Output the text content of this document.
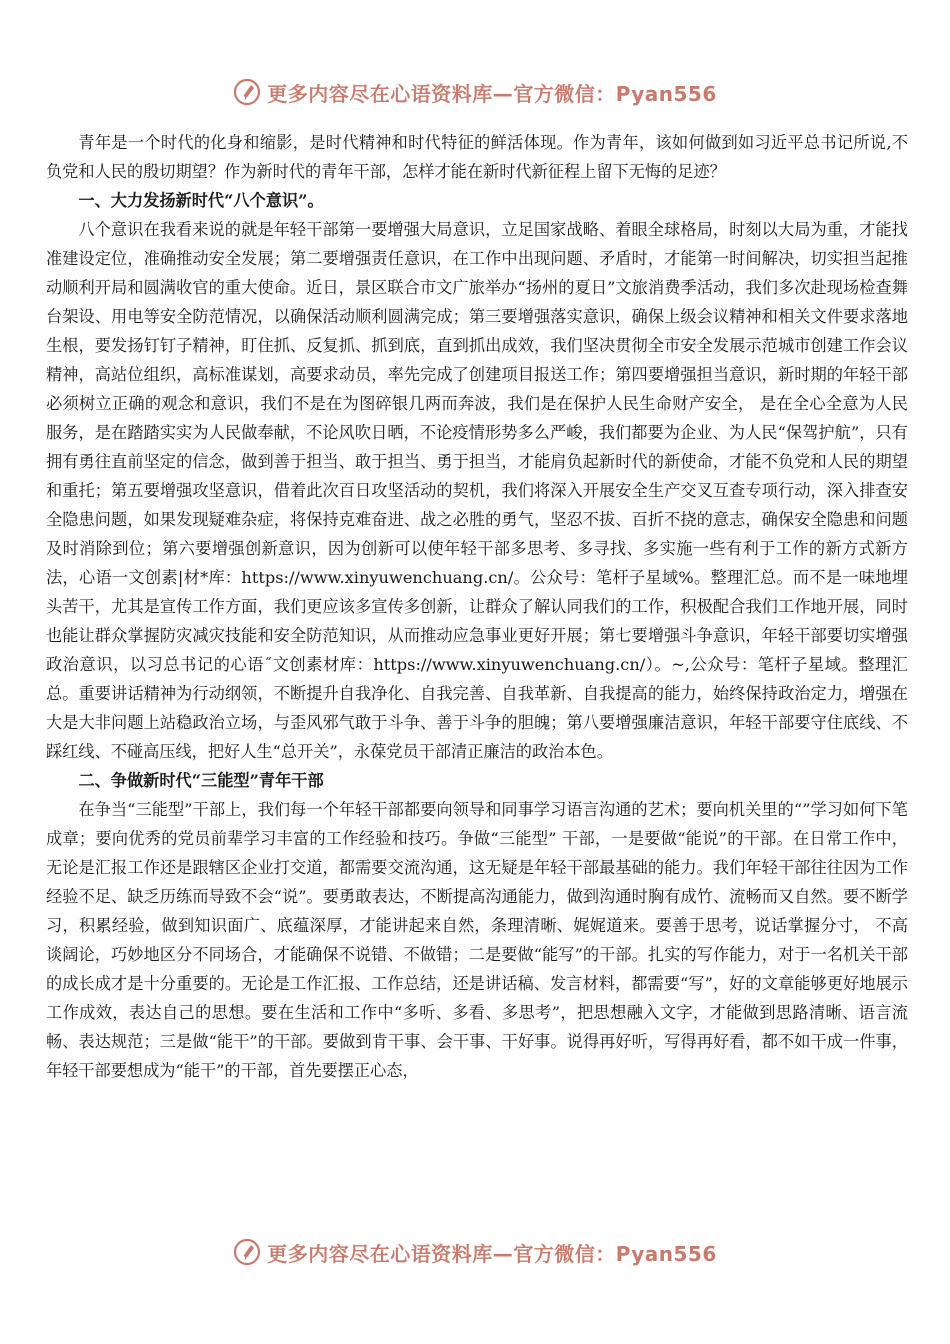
更多内容尽在心语资料库—官方微信：Pyan556

青年是一个时代的化身和缩影，是时代精神和时代特征的鲜活体现。作为青年，该如何做到如习近平总书记所说,不负党和人民的殷切期望？作为新时代的青年干部，怎样才能在新时代新征程上留下无悔的足迹？

一、大力发扬新时代“八个意识”。

八个意识在我看来说的就是年轻干部第一要增强大局意识，立足国家战略、着眼全球格局，时刻以大局为重，才能找准建设定位，准确推动安全发展；第二要增强责任意识，在工作中出现问题、矛盾时，才能第一时间解决，切实担当起推动顺利开局和圆满收官的重大使命。近日，景区联合市文广旅举办“扬州的夏日”文旅消费季活动，我们多次赴现场检查舞台架设、用电等安全防范情况，以确保活动顺利圆满完成；第三要增强落实意识，确保上级会议精神和相关文件要求落地生根，要发扬钉钉子精神，盯住抓、反复抓、抓到底，直到抓出成效，我们坚决贯彻全市安全发展示范城市创建工作会议精神，高站位组织，高标准谋划，高要求动员，率先完成了创建项目报送工作；第四要增强担当意识，新时期的年轻干部必须树立正确的观念和意识，我们不是在为图碎银几两而奔波，我们是在保护人民生命财产安全， 是在全心全意为人民服务，是在踏踏实实为人民做奉献，不论风吹日晒，不论疫情形势多么严峻，我们都要为企业、为人民“保驾护航”，只有拥有勇往直前坚定的信念，做到善于担当、敢于担当、勇于担当，才能肩负起新时代的新使命，才能不负党和人民的期望和重托；第五要增强攻坚意识，借着此次百日攻坚活动的契机，我们将深入开展安全生产交叉互查专项行动，深入排查安全隐患问题，如果发现疑难杂症，将保持克难奋进、战之必胜的勇气，坚忍不拔、百折不挠的意志，确保安全隐患和问题及时消除到位；第六要增强创新意识，因为创新可以使年轻干部多思考、多寻找、多实施一些有利于工作的新方式新方法，心语一文创素|材*库：https://www.xinyuwenchuang.cn/。公众号：笔杆子星域%。整理汇总。而不是一味地埋头苦干，尤其是宣传工作方面，我们更应该多宣传多创新，让群众了解认同我们的工作，积极配合我们工作地开展，同时也能让群众掌握防灾减灾技能和安全防范知识，从而推动应急事业更好开展；第七要增强斗争意识，年轻干部要切实增强政治意识，以习总书记的心语˝文创素材库：https://www.xinyuwenchuang.cn/）。~,公众号：笔杆子星域。整理汇总。重要讲话精神为行动纲领，不断提升自我净化、自我完善、自我革新、自我提高的能力，始终保持政治定力，增强在大是大非问题上站稳政治立场，与歪风邪气敢于斗争、善于斗争的胆魄；第八要增强廉洁意识，年轻干部要守住底线、不踩红线、不碰高压线，把好人生“总开关”，永葆党员干部清正廉洁的政治本色。

二、争做新时代“三能型”青年干部

在争当“三能型”干部上，我们每一个年轻干部都要向领导和同事学习语言沟通的艺术；要向机关里的“”学习如何下笔成章；要向优秀的党员前辈学习丰富的工作经验和技巧。争做“三能型” 干部，一是要做“能说”的干部。在日常工作中，无论是汇报工作还是跟辖区企业打交道，都需要交流沟通，这无疑是年轻干部最基础的能力。我们年轻干部往往因为工作经验不足、缺乏历练而导致不会“说”。要勇敢表达，不断提高沟通能力，做到沟通时胸有成竹、流畅而又自然。要不断学习，积累经验，做到知识面广、底蕴深厚，才能讲起来自然，条理清晰、娓娓道来。要善于思考，说话掌握分寸， 不高谈阔论，巧妙地区分不同场合，才能确保不说错、不做错；二是要做“能写”的干部。扎实的写作能力，对于一名机关干部的成长成才是十分重要的。无论是工作汇报、工作总结，还是讲话稿、发言材料，都需要“写”，好的文章能够更好地展示工作成效，表达自己的思想。要在生活和工作中“多听、多看、多思考”，把思想融入文字，才能做到思路清晰、语言流畅、表达规范；三是做“能干”的干部。要做到肯干事、会干事、干好事。说得再好听，写得再好看，都不如干成一件事，年轻干部要想成为“能干”的干部，首先要摆正心态，

更多内容尽在心语资料库—官方微信：Pyan556
